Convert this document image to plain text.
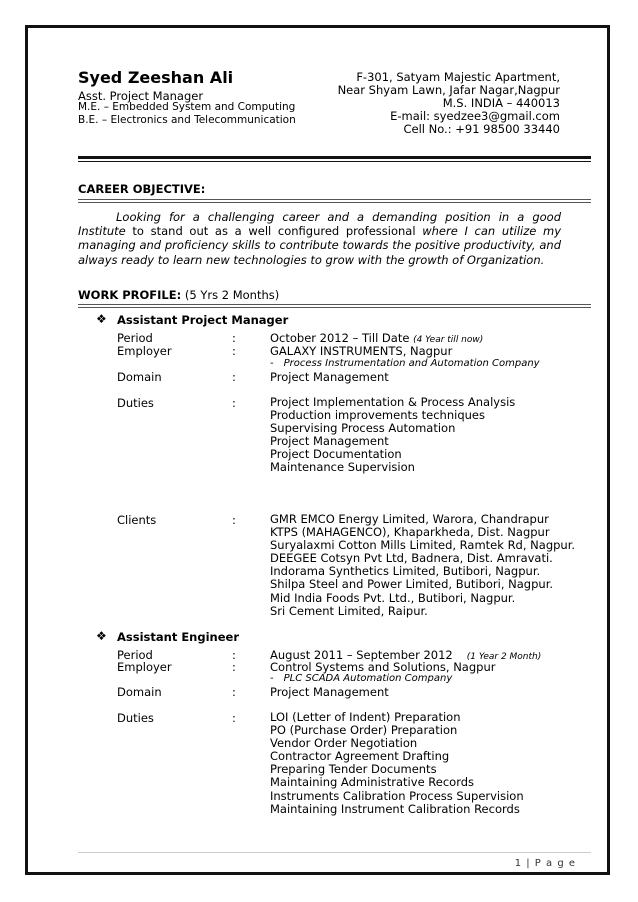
Syed Zeeshan Ali
Asst. Project Manager
M.E. – Embedded System and Computing
B.E. – Electronics and Telecommunication
F-301, Satyam Majestic Apartment,
Near Shyam Lawn, Jafar Nagar,Nagpur
M.S. INDIA – 440013
E-mail: syedzee3@gmail.com
Cell No.: +91 98500 33440
CAREER OBJECTIVE:
Looking for a challenging career and a demanding position in a good Institute to stand out as a well configured professional where I can utilize my managing and proficiency skills to contribute towards the positive productivity, and always ready to learn new technologies to grow with the growth of Organization.
WORK PROFILE: (5 Yrs 2 Months)
❖ Assistant Project Manager
Period	:	October 2012 – Till Date (4 Year till now)
Employer	:	GALAXY INSTRUMENTS, Nagpur
- Process Instrumentation and Automation Company
Domain	:	Project Management
Duties	:	Project Implementation & Process Analysis
Production improvements techniques
Supervising Process Automation
Project Management
Project Documentation
Maintenance Supervision
Clients	:	GMR EMCO Energy Limited, Warora, Chandrapur
KTPS (MAHAGENCO), Khaparkheda, Dist. Nagpur
Suryalaxmi Cotton Mills Limited, Ramtek Rd, Nagpur.
DEEGEE Cotsyn Pvt Ltd, Badnera, Dist. Amravati.
Indorama Synthetics Limited, Butibori, Nagpur.
Shilpa Steel and Power Limited, Butibori, Nagpur.
Mid India Foods Pvt. Ltd., Butibori, Nagpur.
Sri Cement Limited, Raipur.
❖ Assistant Engineer
Period	:	August 2011 – September 2012 (1 Year 2 Month)
Employer	:	Control Systems and Solutions, Nagpur
- PLC SCADA Automation Company
Domain	:	Project Management
Duties	:	LOI (Letter of Indent) Preparation
PO (Purchase Order) Preparation
Vendor Order Negotiation
Contractor Agreement Drafting
Preparing Tender Documents
Maintaining Administrative Records
Instruments Calibration Process Supervision
Maintaining Instrument Calibration Records
1 | P a g e
